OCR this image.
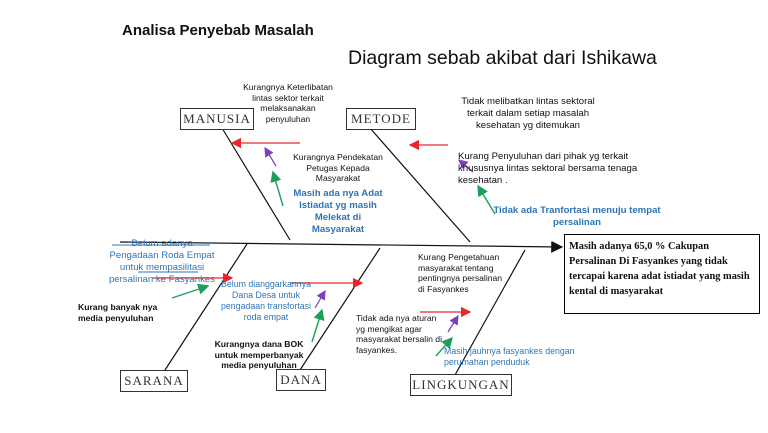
Analisa Penyebab Masalah
Diagram sebab akibat dari Ishikawa
MANUSIA	METODE
SARANA	DANA	LINGKUNGAN
Masih adanya 65,0 % Cakupan Persalinan Di Fasyankes yang tidak tercapai karena adat istiadat yang masih kental di masyarakat
Kurangnya Keterlibatan
lintas sektor terkait
melaksanakan
penyuluhan
Kurangnya Pendekatan
Petugas Kepada
Masyarakat
Masih ada nya Adat
Istiadat yg masih
Melekat di
Masyarakat
Tidak melibatkan lintas sektoral
terkait dalam setiap masalah
kesehatan yg ditemukan
Kurang Penyuluhan dari pihak yg terkait
khususnya lintas sektoral bersama tenaga
kesehatan .
Tidak ada Tranfortasi menuju tempat
persalinan
Belum adanya
Pengadaan Roda Empat
untuk mempasilitasi
persalinan ke Fasyankes
Kurang banyak nya
media penyuluhan
Belum dianggarkannya
Dana Desa untuk
pengadaan transfortasi
roda empat
Kurangnya dana BOK
untuk memperbanyak
media penyuluhan
Kurang Pengetahuan
masyarakat tentang
pentingnya persalinan
di Fasyankes
Tidak ada nya aturan
yg mengikat agar
masyarakat bersalin di
fasyankes.	Masih jauhnya fasyankes dengan
perumahan penduduk
